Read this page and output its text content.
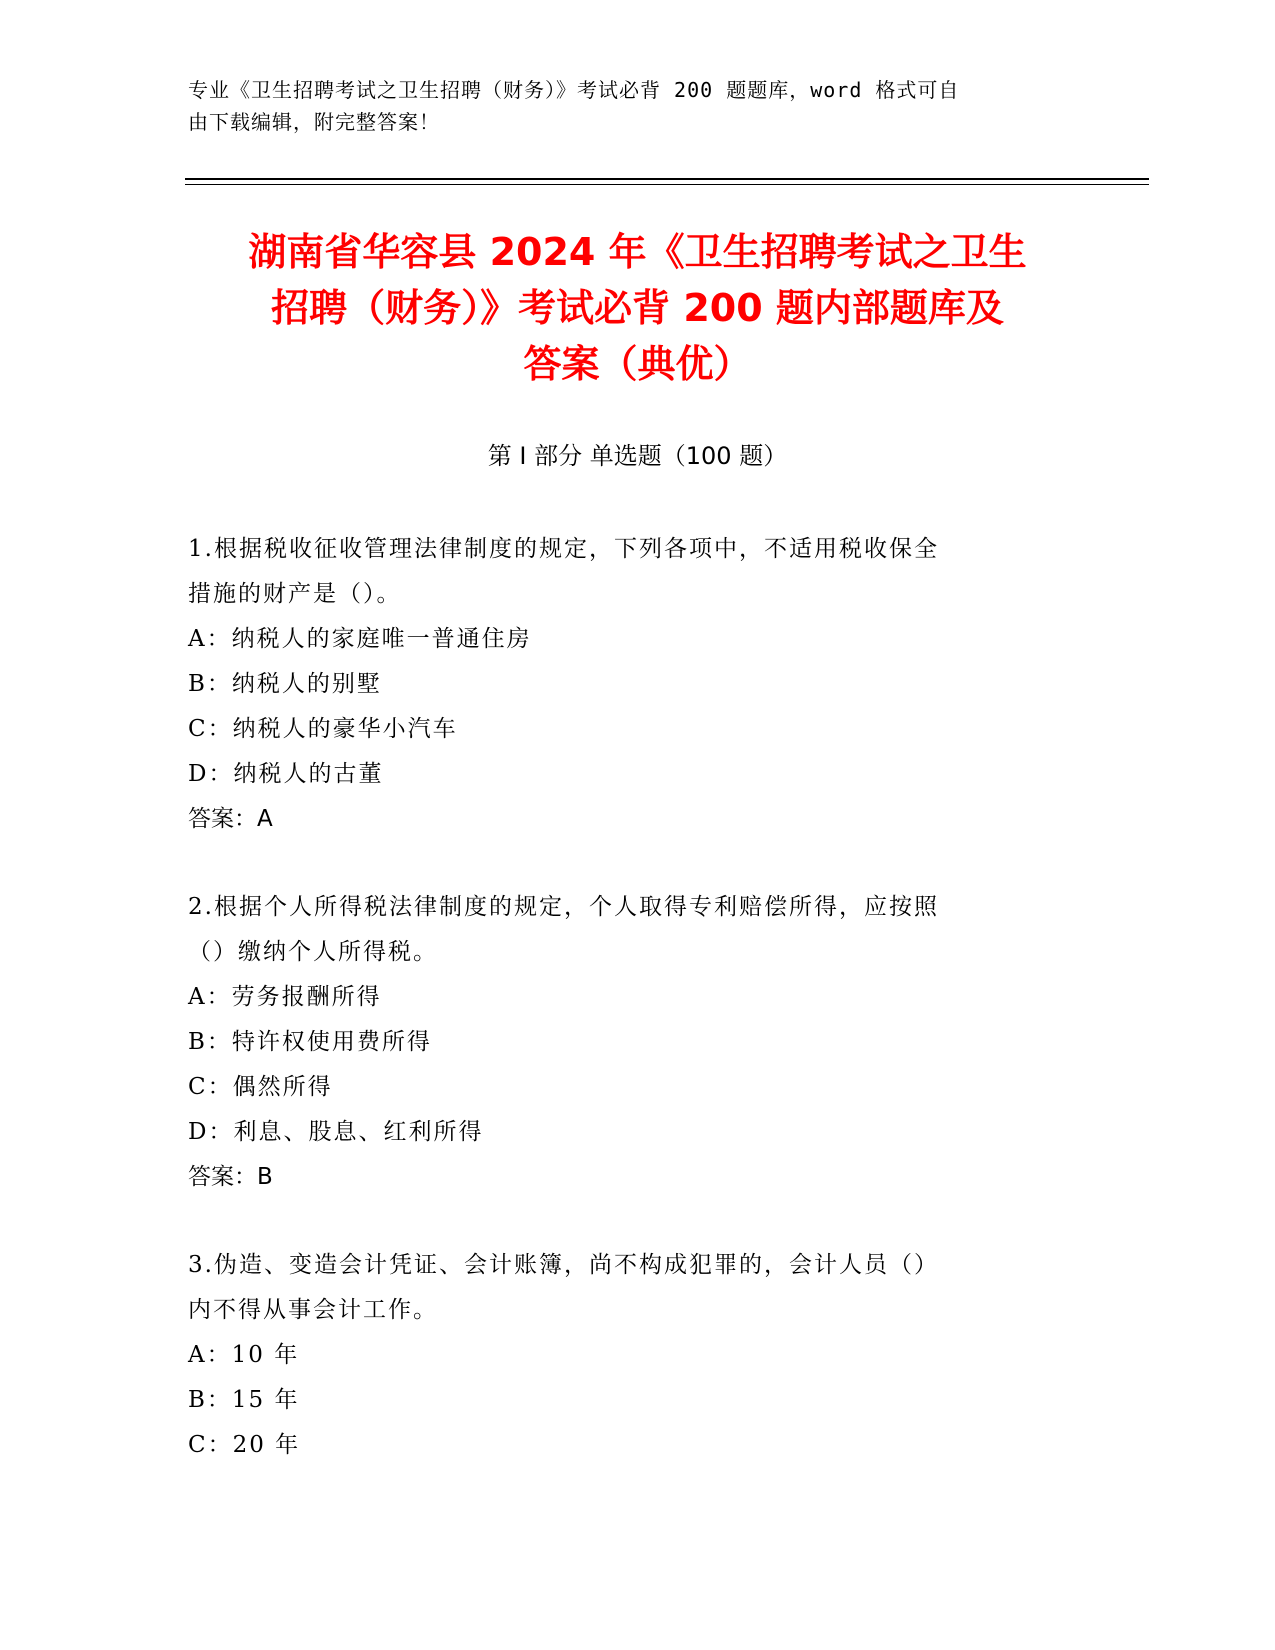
专业《卫生招聘考试之卫生招聘（财务）》考试必背 200 题题库，word 格式可自
由下载编辑，附完整答案！
湖南省华容县 2024 年《卫生招聘考试之卫生
招聘（财务）》考试必背 200 题内部题库及
答案（典优）
第 I 部分 单选题（100 题）

1.根据税收征收管理法律制度的规定，下列各项中，不适用税收保全

措施的财产是（）。

A：纳税人的家庭唯一普通住房

B：纳税人的别墅

C：纳税人的豪华小汽车

D：纳税人的古董

答案：A

2.根据个人所得税法律制度的规定，个人取得专利赔偿所得，应按照

（）缴纳个人所得税。

A：劳务报酬所得

B：特许权使用费所得

C：偶然所得

D：利息、股息、红利所得

答案：B

3.伪造、变造会计凭证、会计账簿，尚不构成犯罪的，会计人员（）

内不得从事会计工作。

A：10 年

B：15 年

C：20 年
